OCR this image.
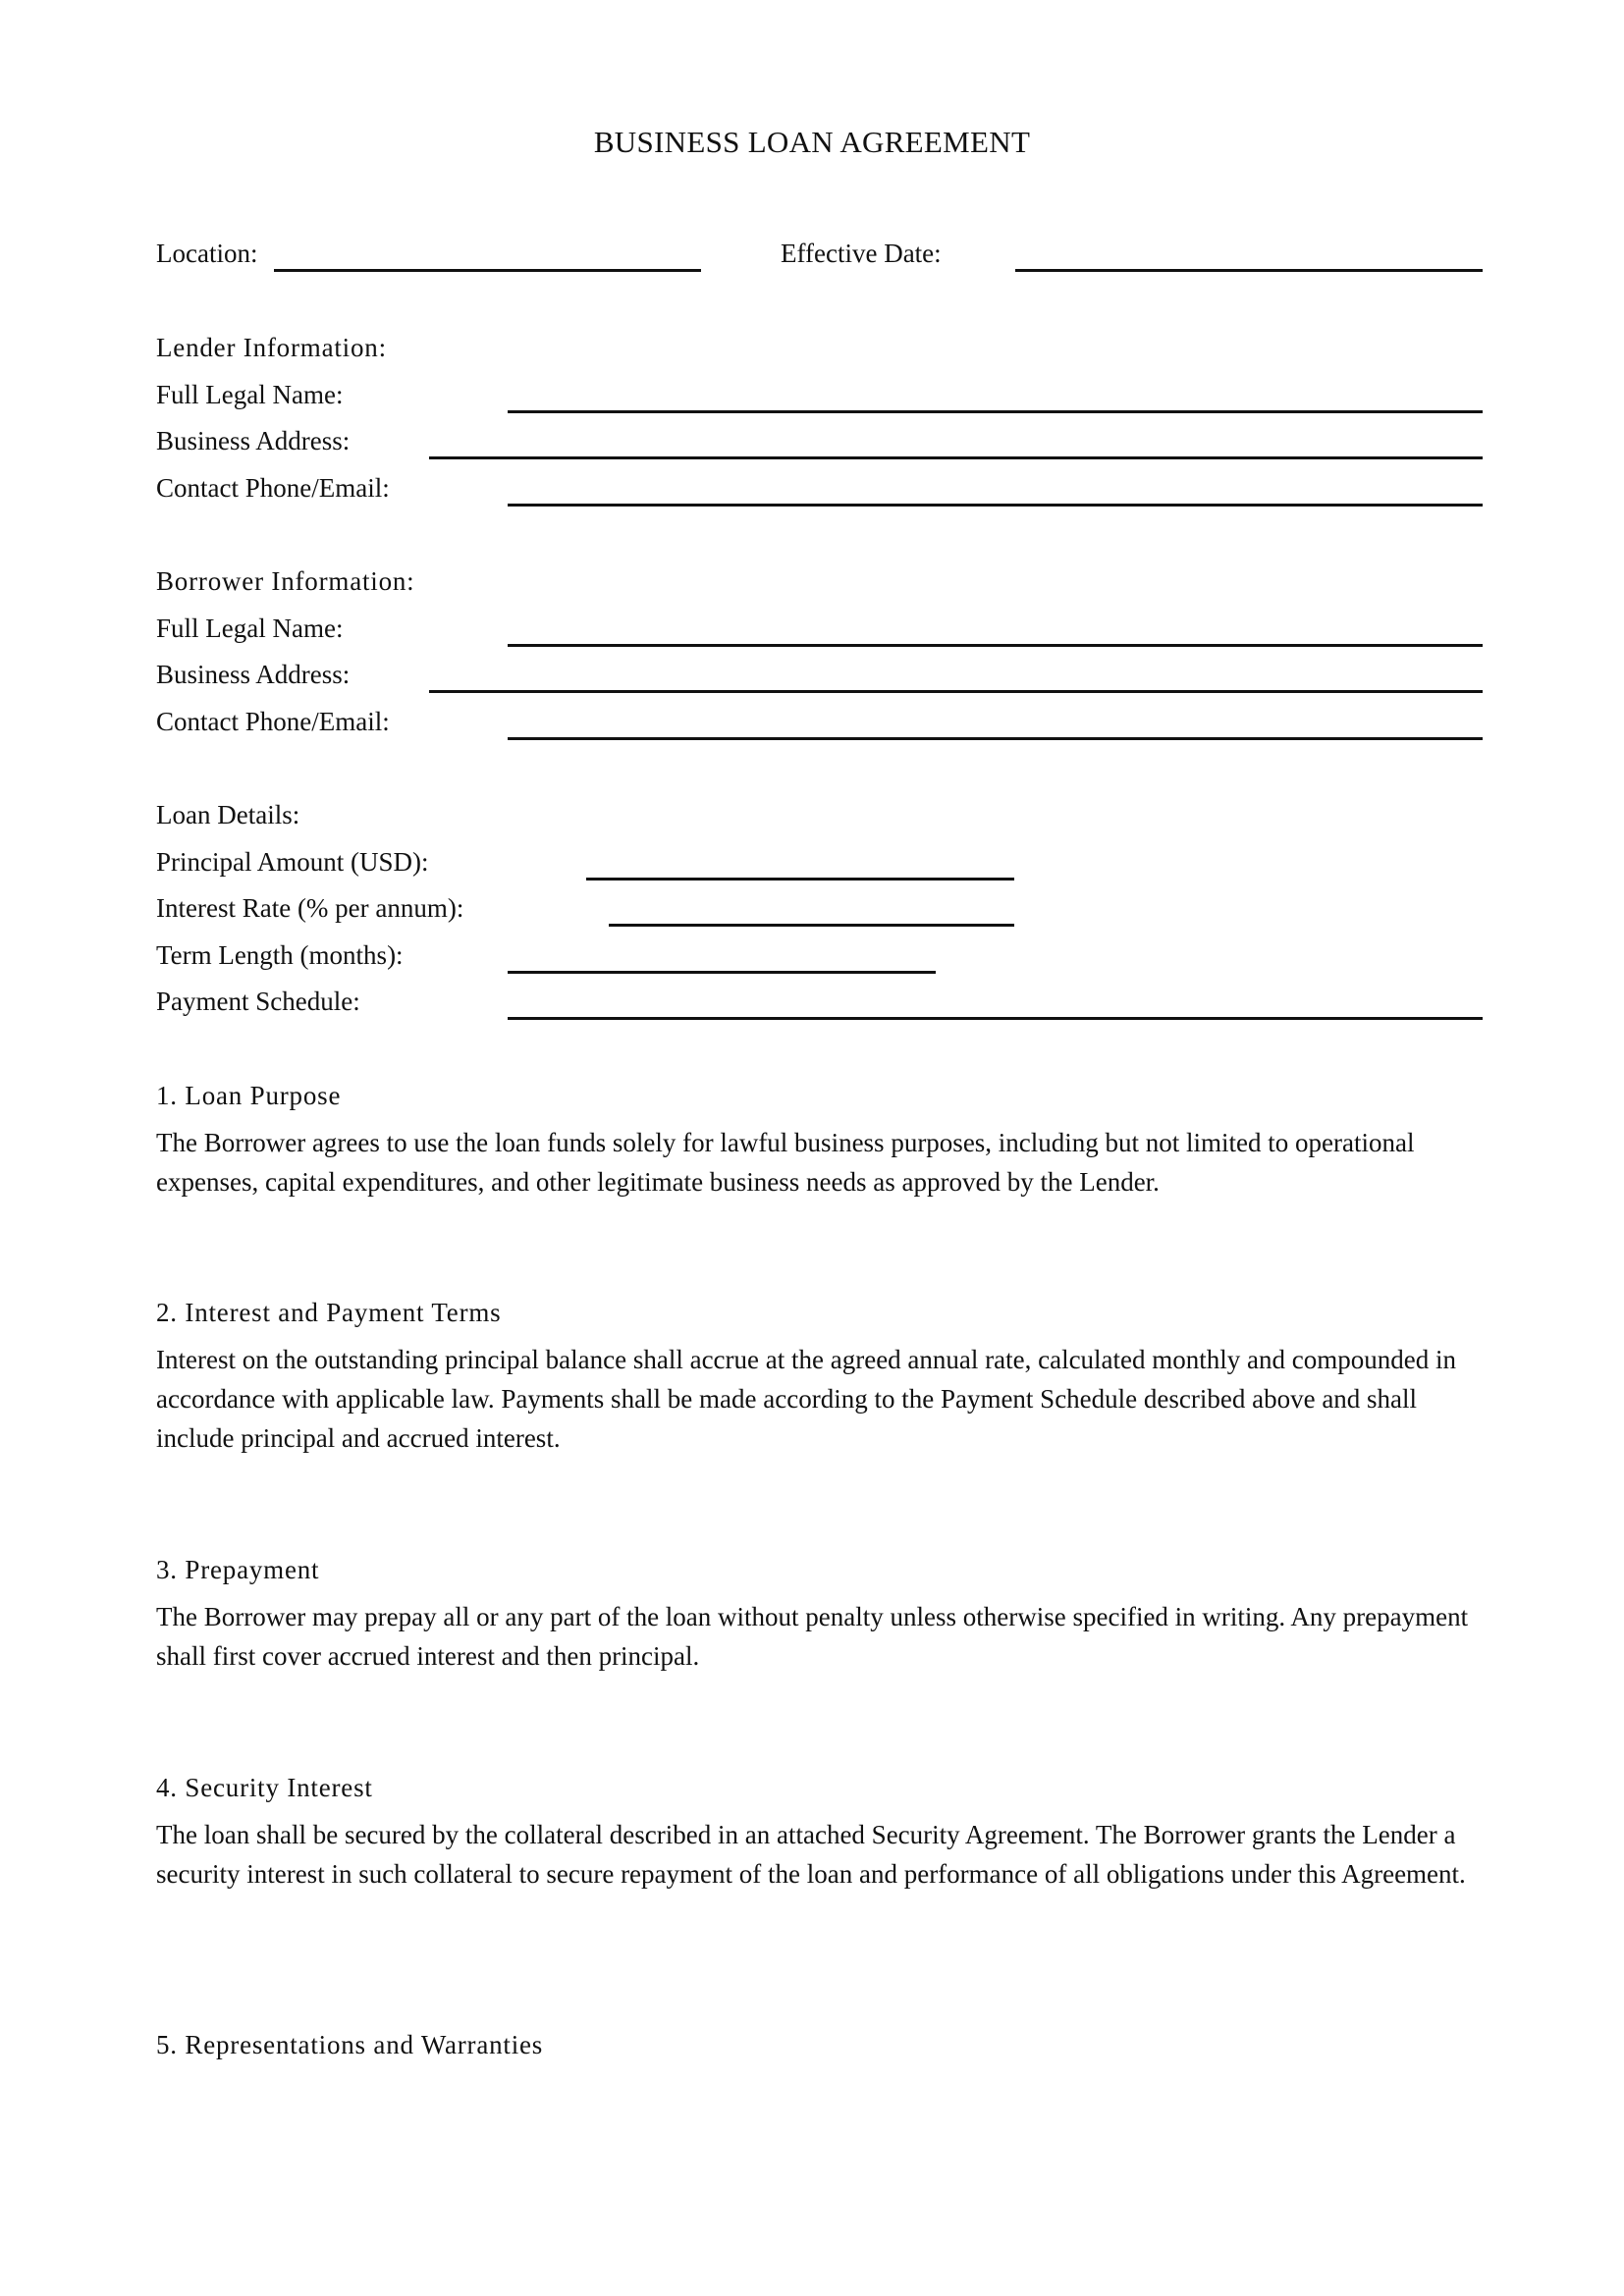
BUSINESS LOAN AGREEMENT
Location:	Effective Date:
Lender Information:
Full Legal Name:
Business Address:
Contact Phone/Email:
Borrower Information:
Full Legal Name:
Business Address:
Contact Phone/Email:
Loan Details:
Principal Amount (USD):
Interest Rate (% per annum):
Term Length (months):
Payment Schedule:
1. Loan Purpose
The Borrower agrees to use the loan funds solely for lawful business purposes, including but not limited to operational expenses, capital expenditures, and other legitimate business needs as approved by the Lender.
2. Interest and Payment Terms
Interest on the outstanding principal balance shall accrue at the agreed annual rate, calculated monthly and compounded in accordance with applicable law. Payments shall be made according to the Payment Schedule described above and shall include principal and accrued interest.
3. Prepayment
The Borrower may prepay all or any part of the loan without penalty unless otherwise specified in writing. Any prepayment shall first cover accrued interest and then principal.
4. Security Interest
The loan shall be secured by the collateral described in an attached Security Agreement. The Borrower grants the Lender a security interest in such collateral to secure repayment of the loan and performance of all obligations under this Agreement.
5. Representations and Warranties
